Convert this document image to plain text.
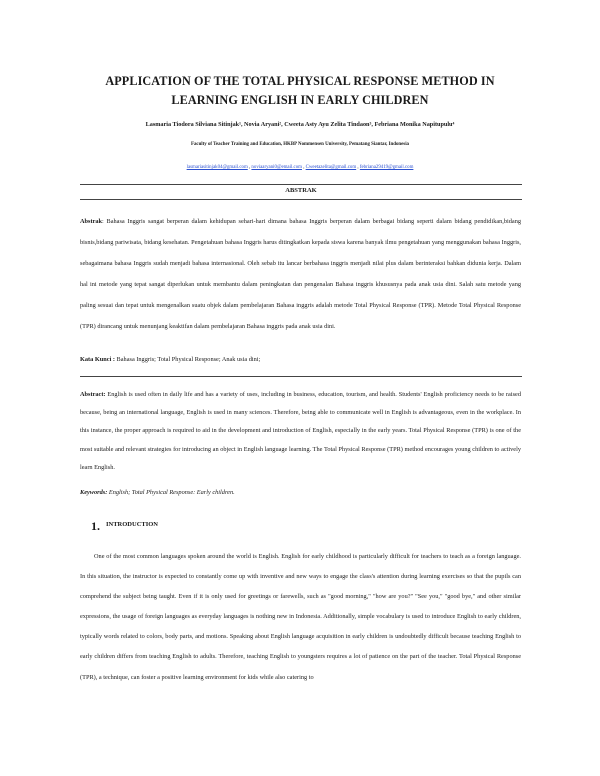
APPLICATION OF THE TOTAL PHYSICAL RESPONSE METHOD IN
LEARNING ENGLISH IN EARLY CHILDREN
Lasmaria Tiodora Silviana Sitinjak¹, Novia Aryani², Cweeta Asty Ayu Zelita Tindaon³, Febriana Monika Napitupulu⁴
Faculty of Teacher Training and Education, HKBP Nommensen University, Pematang Siantar, Indonesia
lasmariasitinjak04@gmail.com , noviaaryani0@email.com , Cweetazelita@gmail.com , febriana29419@gmail.com
ABSTRAK
Abstrak: Bahasa Inggris sangat berperan dalam kehidupan sehari-hari dimana bahasa Inggris berperan dalam berbagai bidang seperti dalam bidang pendidikan,bidang bisnis,bidang pariwisata, bidang kesehatan. Pengetahuan bahasa Inggris harus ditingkatkan kepada siswa karena banyak ilmu pengetahuan yang menggunakan bahasa Inggris, sebagaimana bahasa Inggris sudah menjadi bahasa internasional. Oleh sebab itu lancar berbahasa inggris menjadi nilai plus dalam berinteraksi bahkan didunia kerja. Dalam hal ini metode yang tepat sangat diperlukan untuk membantu dalam peningkatan dan pengenalan Bahasa inggris khususnya pada anak usia dini. Salah satu metode yang paling sesuai dan tepat untuk mengenalkan suatu objek dalam pembelajaran Bahasa inggris adalah metode Total Physical Response (TPR). Metode Total Physical Response (TPR) dirancang untuk menunjang keaktifan dalam pembelajaran Bahasa inggris pada anak usia dini.
Kata Kunci : Bahasa Inggris; Total Physical Response; Anak usia dini;
Abstract: English is used often in daily life and has a variety of uses, including in business, education, tourism, and health. Students' English proficiency needs to be raised because, being an international language, English is used in many sciences. Therefore, being able to communicate well in English is advantageous, even in the workplace. In this instance, the proper approach is required to aid in the development and introduction of English, especially in the early years. Total Physical Response (TPR) is one of the most suitable and relevant strategies for introducing an object in English language learning. The Total Physical Response (TPR) method encourages young children to actively learn English.
Keywords: English; Total Physical Response: Early children.
1. $^{INTRODUCTION}$
One of the most common languages spoken around the world is English. English for early childhood is particularly difficult for teachers to teach as a foreign language. In this situation, the instructor is expected to constantly come up with inventive and new ways to engage the class's attention during learning exercises so that the pupils can comprehend the subject being taught. Even if it is only used for greetings or farewells, such as "good morning," "how are you?" "See you," "good bye," and other similar expressions, the usage of foreign languages as everyday languages is nothing new in Indonesia. Additionally, simple vocabulary is used to introduce English to early children, typically words related to colors, body parts, and motions. Speaking about English language acquisition in early children is undoubtedly difficult because teaching English to early children differs from teaching English to adults. Therefore, teaching English to youngsters requires a lot of patience on the part of the teacher. Total Physical Response (TPR), a technique, can foster a positive learning environment for kids while also catering to
